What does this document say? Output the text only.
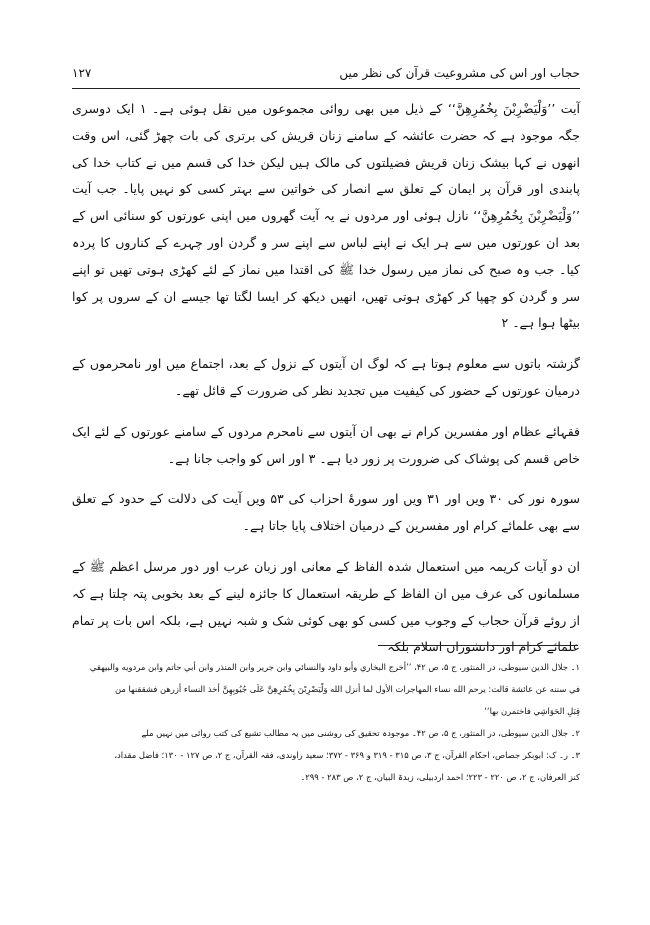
حجاب اور اس کی مشروعیت قرآن کی نظر میں
۱۲۷

آیت ’’وَلْيَضْرِبْنَ بِخُمُرِهِنَّ‘‘ کے ذیل میں بھی روائی مجموعوں میں نقل ہوئی ہے۔ ۱ ایک دوسری جگہ موجود ہے کہ حضرت عائشہ کے سامنے زنان قریش کی برتری کی بات چھڑ گئی، اس وقت انھوں نے کہا بیشک زنان قریش فضیلتوں کی مالک ہیں لیکن خدا کی قسم میں نے کتاب خدا کی پابندی اور قرآن پر ایمان کے تعلق سے انصار کی خواتین سے بہتر کسی کو نہیں پایا۔ جب آیت ’’وَلْيَضْرِبْنَ بِخُمُرِهِنَّ‘‘ نازل ہوئی اور مردوں نے یہ آیت گھروں میں اپنی عورتوں کو سنائی اس کے بعد ان عورتوں میں سے ہر ایک نے اپنے لباس سے اپنے سر و گردن اور چہرے کے کناروں کا پردہ کیا۔ جب وہ صبح کی نماز میں رسول خدا ﷺ کی اقتدا میں نماز کے لئے کھڑی ہوتی تھیں تو اپنے سر و گردن کو چھپا کر کھڑی ہوتی تھیں، انھیں دیکھ کر ایسا لگتا تھا جیسے ان کے سروں پر کوا بیٹھا ہوا ہے۔ ۲

گزشتہ باتوں سے معلوم ہوتا ہے کہ لوگ ان آیتوں کے نزول کے بعد، اجتماع میں اور نامحرموں کے درمیان عورتوں کے حضور کی کیفیت میں تجدید نظر کی ضرورت کے قائل تھے۔

فقہائے عظام اور مفسرین کرام نے بھی ان آیتوں سے نامحرم مردوں کے سامنے عورتوں کے لئے ایک خاص قسم کی پوشاک کی ضرورت پر زور دیا ہے۔ ۳ اور اس کو واجب جانا ہے۔

سورہ نور کی ۳۰ ویں اور ۳۱ ویں اور سورۂ احزاب کی ۵۳ ویں آیت کی دلالت کے حدود کے تعلق سے بھی علمائے کرام اور مفسرین کے درمیان اختلاف پایا جاتا ہے۔

ان دو آیات کریمہ میں استعمال شدہ الفاظ کے معانی اور زبان عرب اور دور مرسل اعظم ﷺ کے مسلمانوں کی عرف میں ان الفاظ کے طریقہ استعمال کا جائزہ لینے کے بعد بخوبی پتہ چلتا ہے کہ از روئے قرآن حجاب کے وجوب میں کسی کو بھی کوئی شک و شبہ نہیں ہے، بلکہ اس بات پر تمام علمائے کرام اور دانشوران اسلام بلکہ

۱۔ جلال الدین سیوطی، در المنثور، ج ۵، ص ۴۲، ’’أخرج البخاري وأبو داود والنسائي وابن جرير وابن المنذر وابن أبي حاتم وابن مردويه والبيهقي

في سننه عن عائشة قالت: يرحم الله نساء المهاجرات الأول لما أنزل الله وَلْيَضْرِبْنَ بِخُمُرِهِنَّ عَلَى جُيُوبِهِنَّ أخذ النساء أزرهن فشققنها من

قِبَلِ الحَوَاشِي فاختمرن بها‘‘

۲۔ جلال الدین سیوطی، در المنثور، ج ۵، ص ۴۲۔ موجودہ تحقیق کی روشنی میں یہ مطالب تشیع کی کتب روائی میں نہیں ملے

۳۔ ر۔ ک: ابوبکر جصاص، احکام القرآن، ج ۳، ص ۳۱۵ - ۳۱۹ و ۳۶۹ - ۳۷۲؛ سعید راوندی، فقہ القرآن، ج ۲، ص ۱۲۷ - ۱۳۰؛ فاضل مقداد،

کنز العرفان، ج ۲، ص ۲۲۰ - ۲۲۳؛ احمد اردبیلی، زبدۃ البیان، ج ۲، ص ۲۸۳ - ۲۹۹۔
